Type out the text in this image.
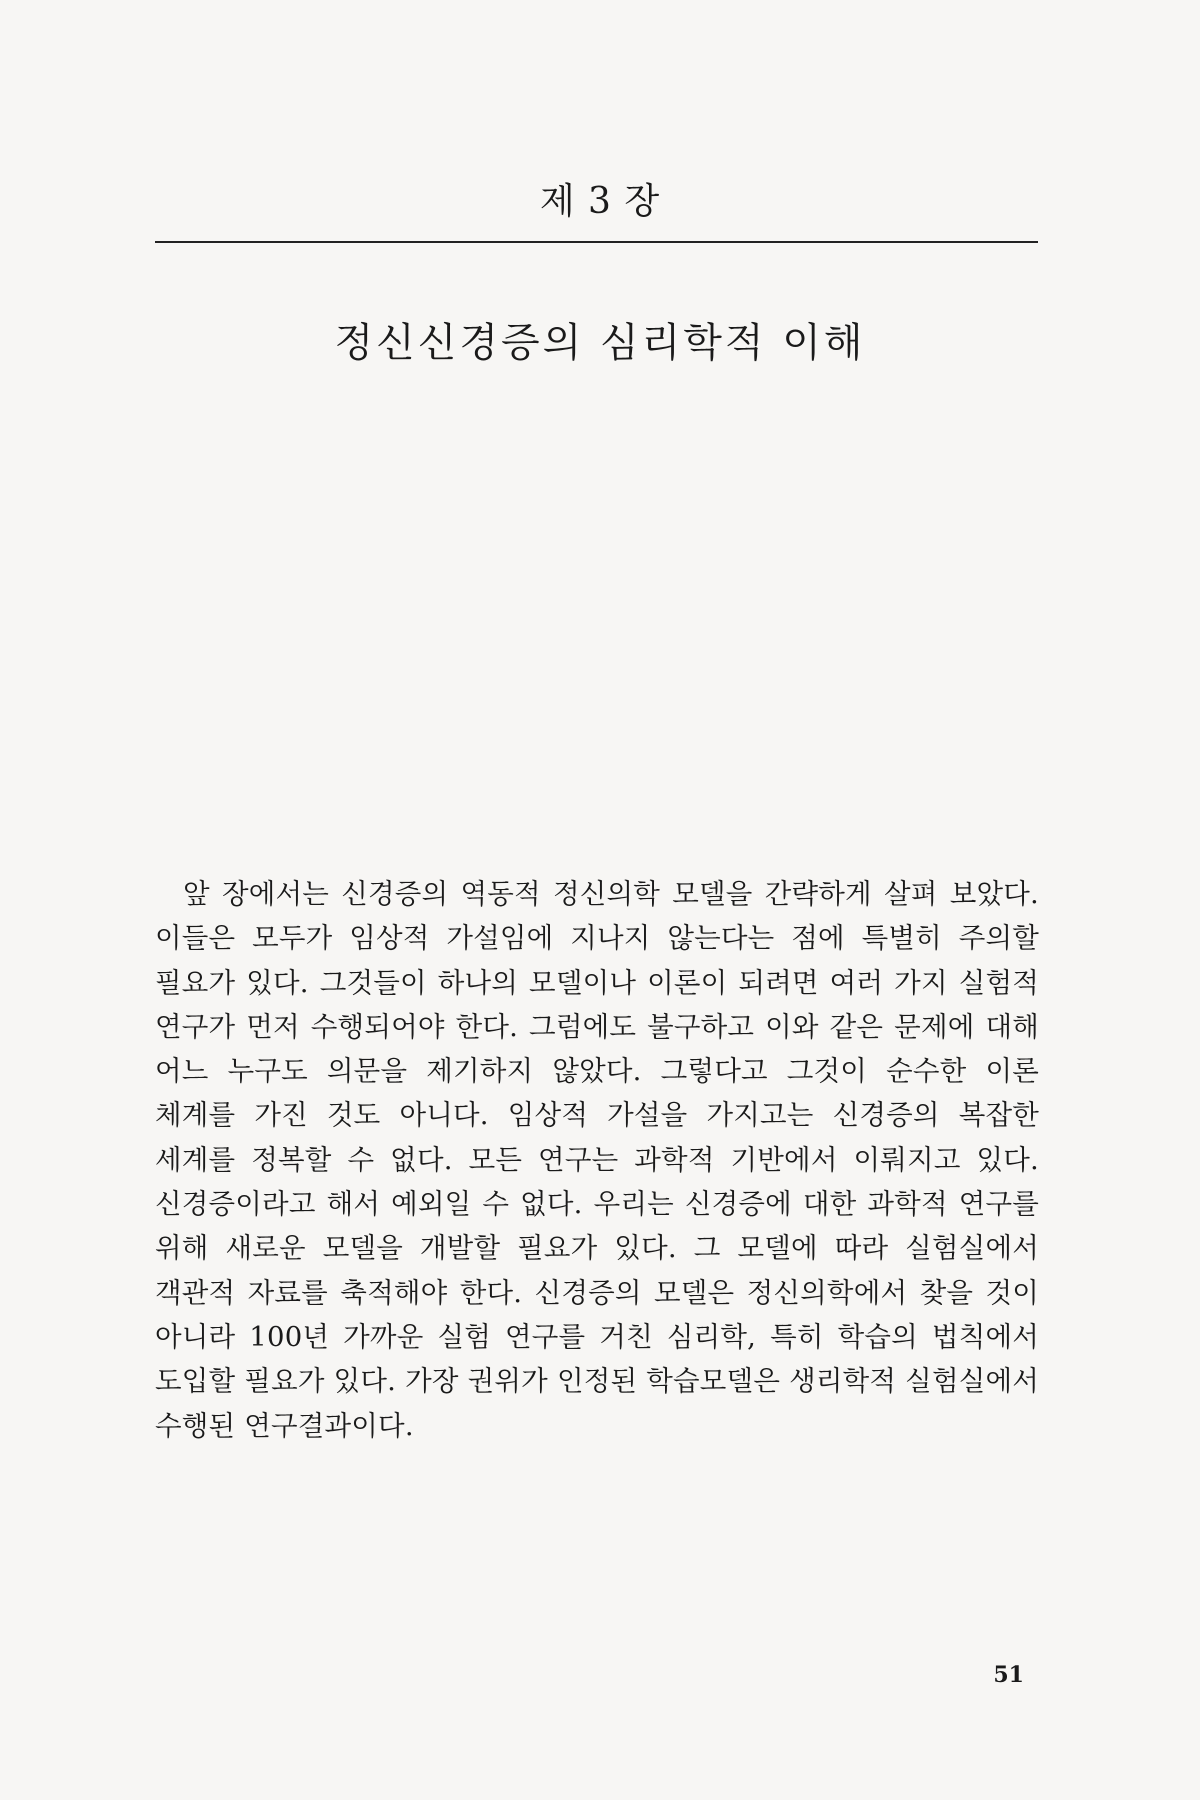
제 3 장
정신신경증의 심리학적 이해

앞 장에서는 신경증의 역동적 정신의학 모델을 간략하게 살펴 보았다. 이들은 모두가 임상적 가설임에 지나지 않는다는 점에 특별히 주의할 필요가 있다. 그것들이 하나의 모델이나 이론이 되려면 여러 가지 실험적 연구가 먼저 수행되어야 한다. 그럼에도 불구하고 이와 같은 문제에 대해 어느 누구도 의문을 제기하지 않았다. 그렇다고 그것이 순수한 이론 체계를 가진 것도 아니다. 임상적 가설을 가지고는 신경증의 복잡한 세계를 정복할 수 없다. 모든 연구는 과학적 기반에서 이뤄지고 있다. 신경증이라고 해서 예외일 수 없다. 우리는 신경증에 대한 과학적 연구를 위해 새로운 모델을 개발할 필요가 있다. 그 모델에 따라 실험실에서 객관적 자료를 축적해야 한다. 신경증의 모델은 정신의학에서 찾을 것이 아니라 100년 가까운 실험 연구를 거친 심리학, 특히 학습의 법칙에서 도입할 필요가 있다. 가장 권위가 인정된 학습모델은 생리학적 실험실에서 수행된 연구결과이다.

51
